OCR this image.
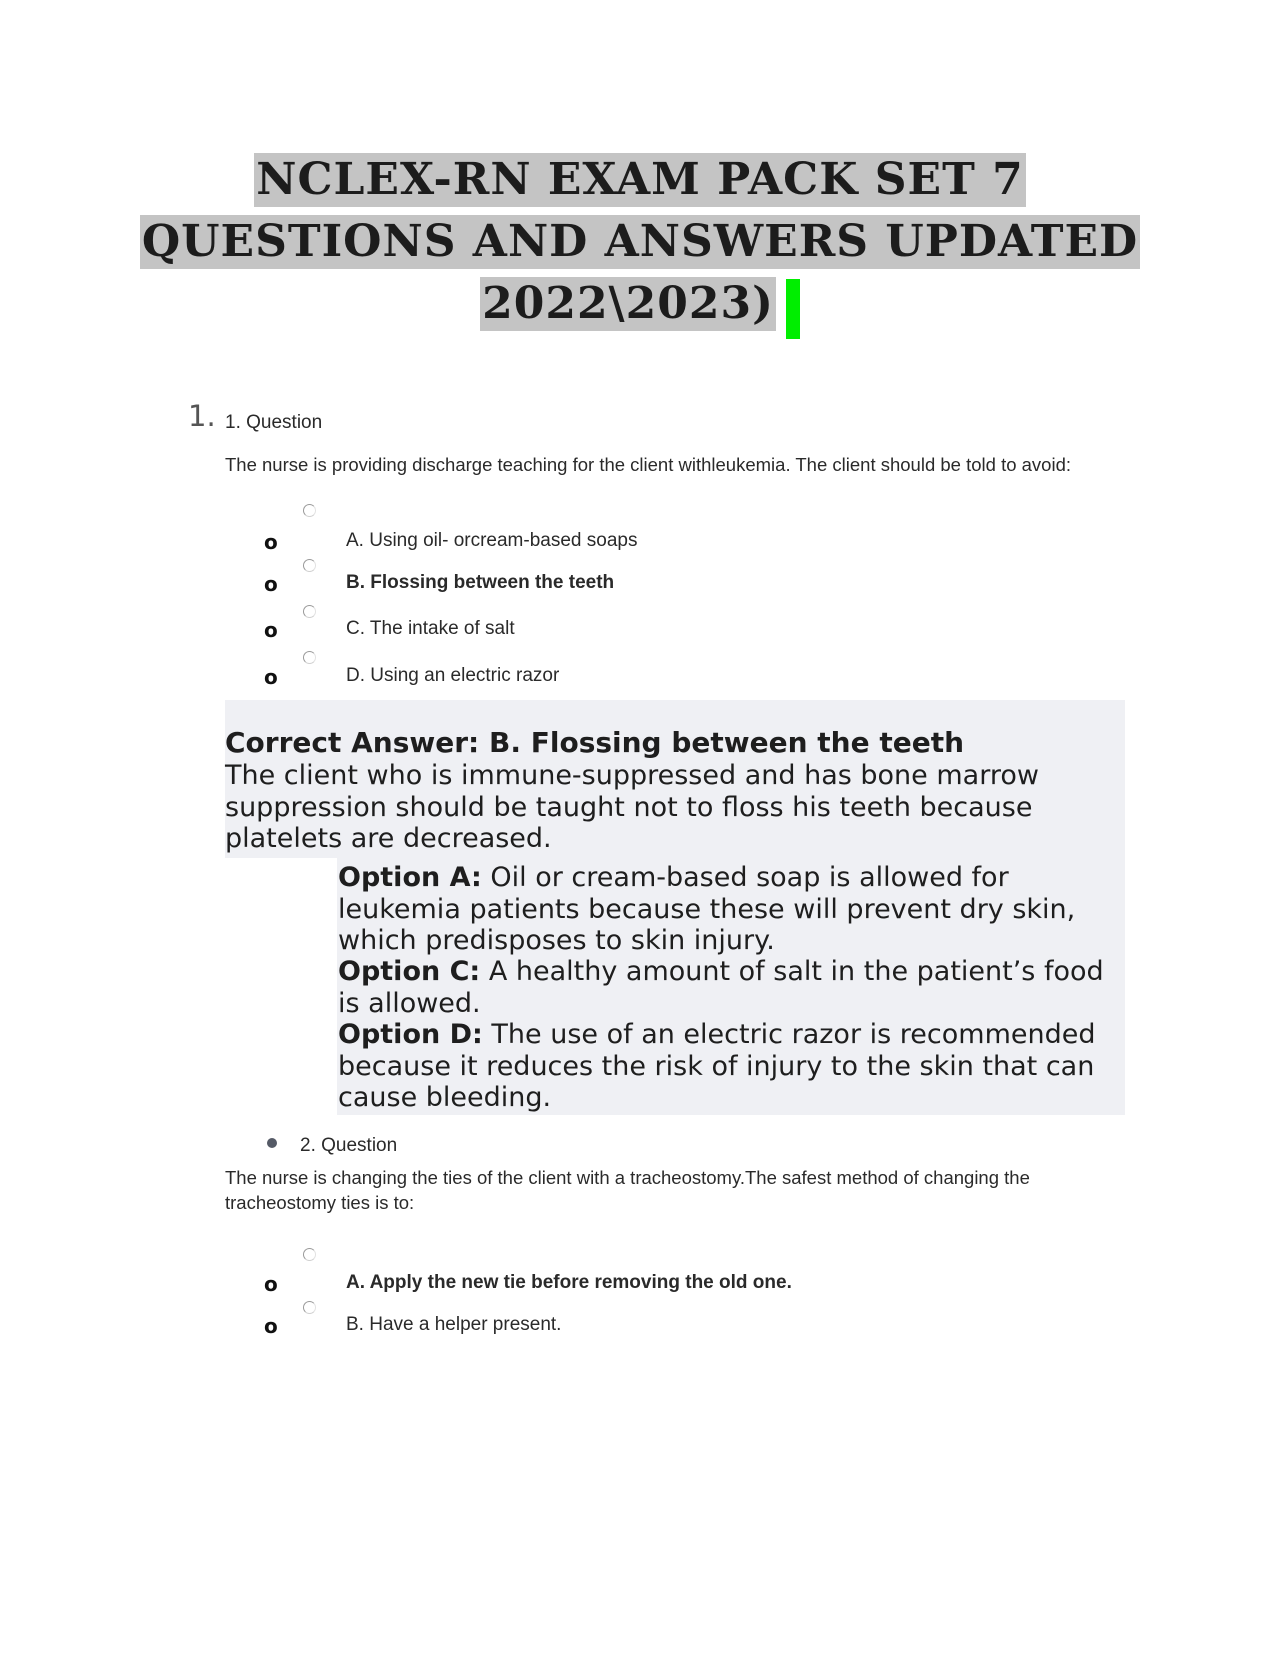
NCLEX-RN EXAM PACK SET 7
QUESTIONS AND ANSWERS UPDATED
2022\2023)
1. 1. Question
The nurse is providing discharge teaching for the client withleukemia. The client should be told to avoid:
o	A. Using oil- orcream-based soaps
o	B. Flossing between the teeth
o	C. The intake of salt
o	D. Using an electric razor
Correct Answer: B. Flossing between the teeth
The client who is immune-suppressed and has bone marrow suppression should be taught not to floss his teeth because platelets are decreased.
Option A: Oil or cream-based soap is allowed for leukemia patients because these will prevent dry skin, which predisposes to skin injury.
Option C: A healthy amount of salt in the patient’s food is allowed.
Option D: The use of an electric razor is recommended because it reduces the risk of injury to the skin that can cause bleeding.
2. Question
The nurse is changing the ties of the client with a tracheostomy.The safest method of changing the
tracheostomy ties is to:
o	A. Apply the new tie before removing the old one.
o	B. Have a helper present.
